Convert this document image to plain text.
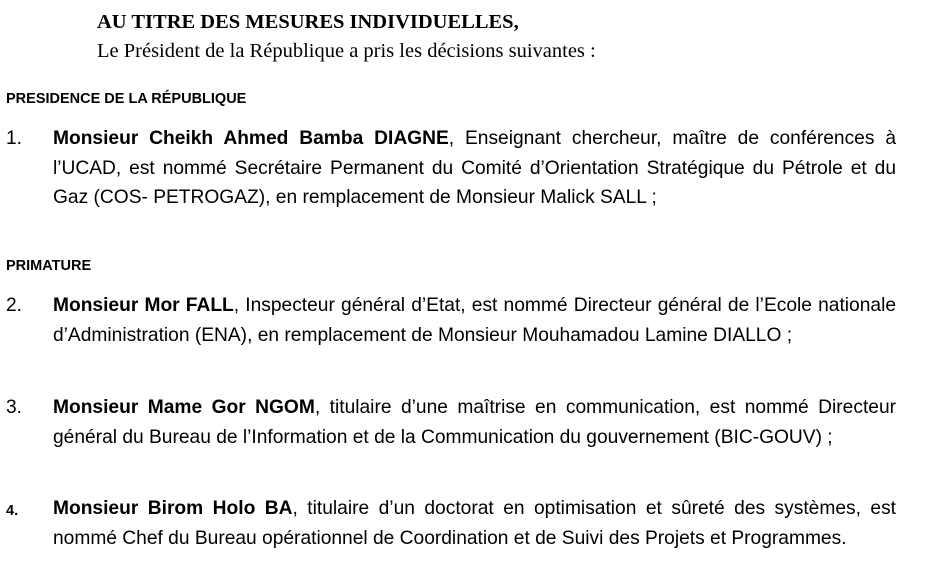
AU TITRE DES MESURES INDIVIDUELLES,
Le Président de la République a pris les décisions suivantes :
PRESIDENCE DE LA RÉPUBLIQUE
1. Monsieur Cheikh Ahmed Bamba DIAGNE, Enseignant chercheur, maître de conférences à l’UCAD, est nommé Secrétaire Permanent du Comité d’Orientation Stratégique du Pétrole et du Gaz (COS- PETROGAZ), en remplacement de Monsieur Malick SALL ;
PRIMATURE
2. Monsieur Mor FALL, Inspecteur général d’Etat, est nommé Directeur général de l’Ecole nationale d’Administration (ENA), en remplacement de Monsieur Mouhamadou Lamine DIALLO ;
3. Monsieur Mame Gor NGOM, titulaire d’une maîtrise en communication, est nommé Directeur général du Bureau de l’Information et de la Communication du gouvernement (BIC-GOUV) ;
4. Monsieur Birom Holo BA, titulaire d’un doctorat en optimisation et sûreté des systèmes, est nommé Chef du Bureau opérationnel de Coordination et de Suivi des Projets et Programmes.
